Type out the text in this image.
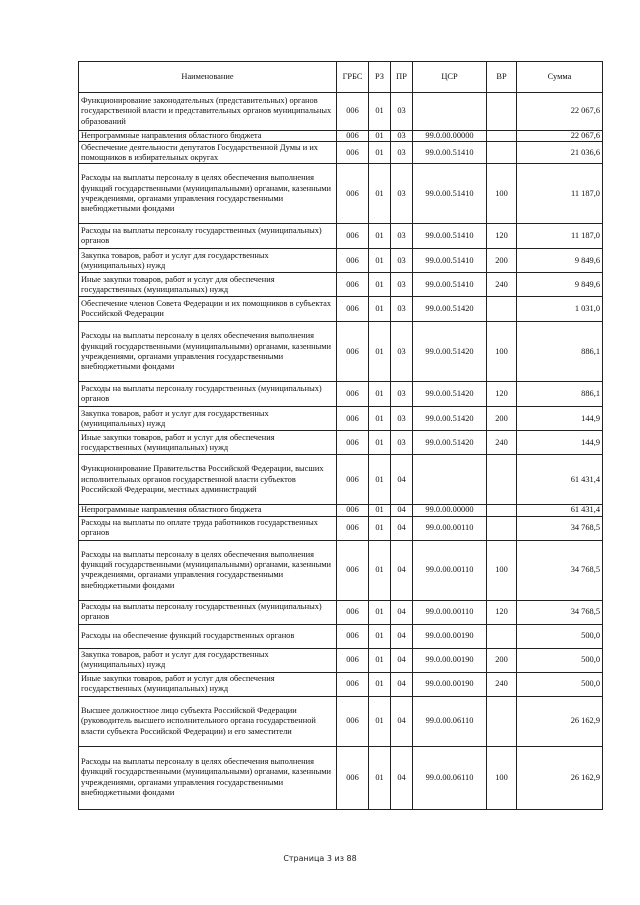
Наименование	ГРБС	РЗ	ПР	ЦСР	ВР	Сумма
Функционирование законодательных (представительных) органов государственной власти и представительных органов муниципальных образований	006	01	03			22 067,6
Непрограммные направления областного бюджета	006	01	03	99.0.00.00000		22 067,6
Обеспечение деятельности депутатов Государственной Думы и их помощников в избирательных округах	006	01	03	99.0.00.51410		21 036,6
Расходы на выплаты персоналу в целях обеспечения выполнения функций государственными (муниципальными) органами, казенными учреждениями, органами управления государственными внебюджетными фондами	006	01	03	99.0.00.51410	100	11 187,0
Расходы на выплаты персоналу государственных (муниципальных) органов	006	01	03	99.0.00.51410	120	11 187,0
Закупка товаров, работ и услуг для государственных (муниципальных) нужд	006	01	03	99.0.00.51410	200	9 849,6
Иные закупки товаров, работ и услуг для обеспечения государственных (муниципальных) нужд	006	01	03	99.0.00.51410	240	9 849,6
Обеспечение членов Совета Федерации и их помощников в субъектах Российской Федерации	006	01	03	99.0.00.51420		1 031,0
Расходы на выплаты персоналу в целях обеспечения выполнения функций государственными (муниципальными) органами, казенными учреждениями, органами управления государственными внебюджетными фондами	006	01	03	99.0.00.51420	100	886,1
Расходы на выплаты персоналу государственных (муниципальных) органов	006	01	03	99.0.00.51420	120	886,1
Закупка товаров, работ и услуг для государственных (муниципальных) нужд	006	01	03	99.0.00.51420	200	144,9
Иные закупки товаров, работ и услуг для обеспечения государственных (муниципальных) нужд	006	01	03	99.0.00.51420	240	144,9
Функционирование Правительства Российской Федерации, высших исполнительных органов государственной власти субъектов Российской Федерации, местных администраций	006	01	04			61 431,4
Непрограммные направления областного бюджета	006	01	04	99.0.00.00000		61 431,4
Расходы на выплаты по оплате труда работников государственных органов	006	01	04	99.0.00.00110		34 768,5
Расходы на выплаты персоналу в целях обеспечения выполнения функций государственными (муниципальными) органами, казенными учреждениями, органами управления государственными внебюджетными фондами	006	01	04	99.0.00.00110	100	34 768,5
Расходы на выплаты персоналу государственных (муниципальных) органов	006	01	04	99.0.00.00110	120	34 768,5
Расходы на обеспечение функций государственных органов	006	01	04	99.0.00.00190		500,0
Закупка товаров, работ и услуг для государственных (муниципальных) нужд	006	01	04	99.0.00.00190	200	500,0
Иные закупки товаров, работ и услуг для обеспечения государственных (муниципальных) нужд	006	01	04	99.0.00.00190	240	500,0
Высшее должностное лицо субъекта Российской Федерации (руководитель высшего исполнительного органа государственной власти субъекта Российской Федерации) и его заместители	006	01	04	99.0.00.06110		26 162,9
Расходы на выплаты персоналу в целях обеспечения выполнения функций государственными (муниципальными) органами, казенными учреждениями, органами управления государственными внебюджетными фондами	006	01	04	99.0.00.06110	100	26 162,9
Страница 3 из 88
